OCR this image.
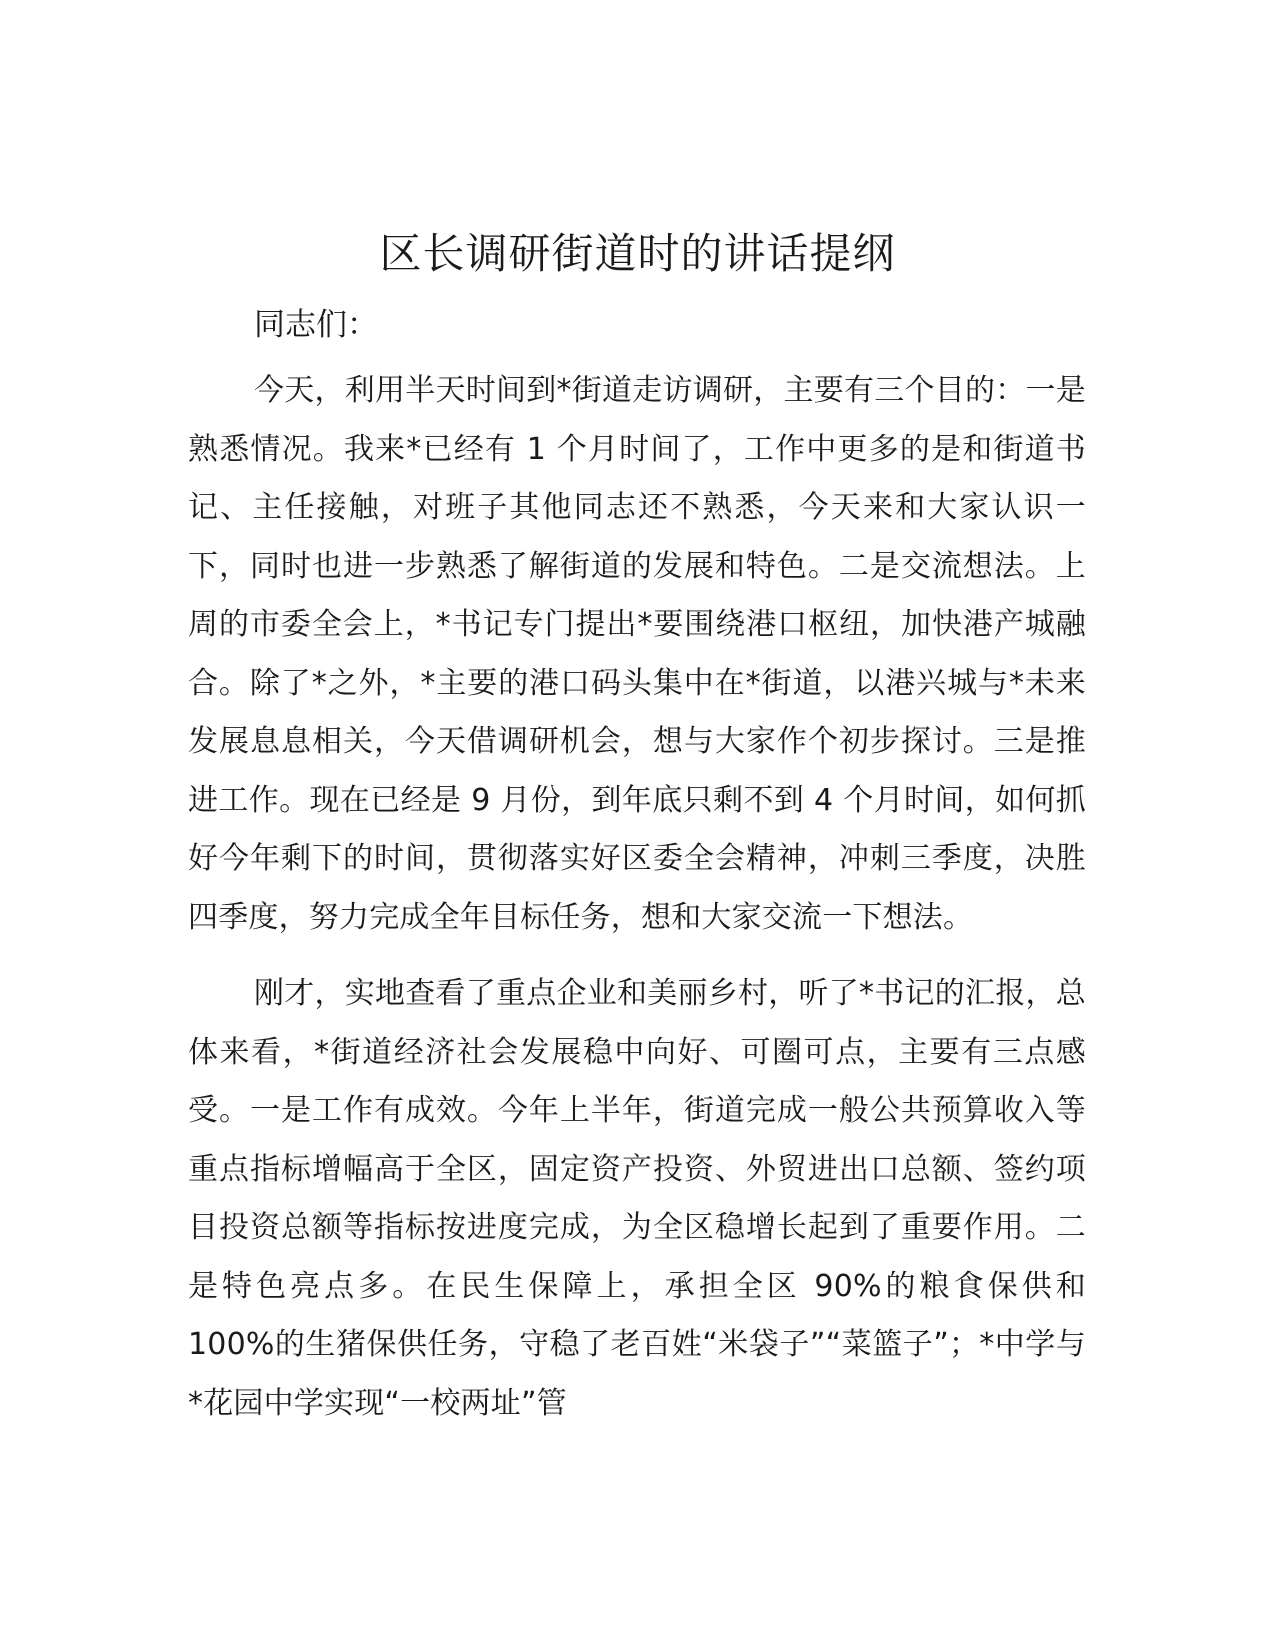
区长调研街道时的讲话提纲

同志们：

今天，利用半天时间到*街道走访调研，主要有三个目的：一是熟悉情况。我来*已经有 1 个月时间了，工作中更多的是和街道书记、主任接触，对班子其他同志还不熟悉，今天来和大家认识一下，同时也进一步熟悉了解街道的发展和特色。二是交流想法。上周的市委全会上，*书记专门提出*要围绕港口枢纽，加快港产城融合。除了*之外，*主要的港口码头集中在*街道，以港兴城与*未来发展息息相关，今天借调研机会，想与大家作个初步探讨。三是推进工作。现在已经是 9 月份，到年底只剩不到 4 个月时间，如何抓好今年剩下的时间，贯彻落实好区委全会精神，冲刺三季度，决胜四季度，努力完成全年目标任务，想和大家交流一下想法。

刚才，实地查看了重点企业和美丽乡村，听了*书记的汇报，总体来看，*街道经济社会发展稳中向好、可圈可点，主要有三点感受。一是工作有成效。今年上半年，街道完成一般公共预算收入等重点指标增幅高于全区，固定资产投资、外贸进出口总额、签约项目投资总额等指标按进度完成，为全区稳增长起到了重要作用。二是特色亮点多。在民生保障上，承担全区 90%的粮食保供和 100%的生猪保供任务，守稳了老百姓“米袋子”“菜篮子”；*中学与*花园中学实现“一校两址”管
